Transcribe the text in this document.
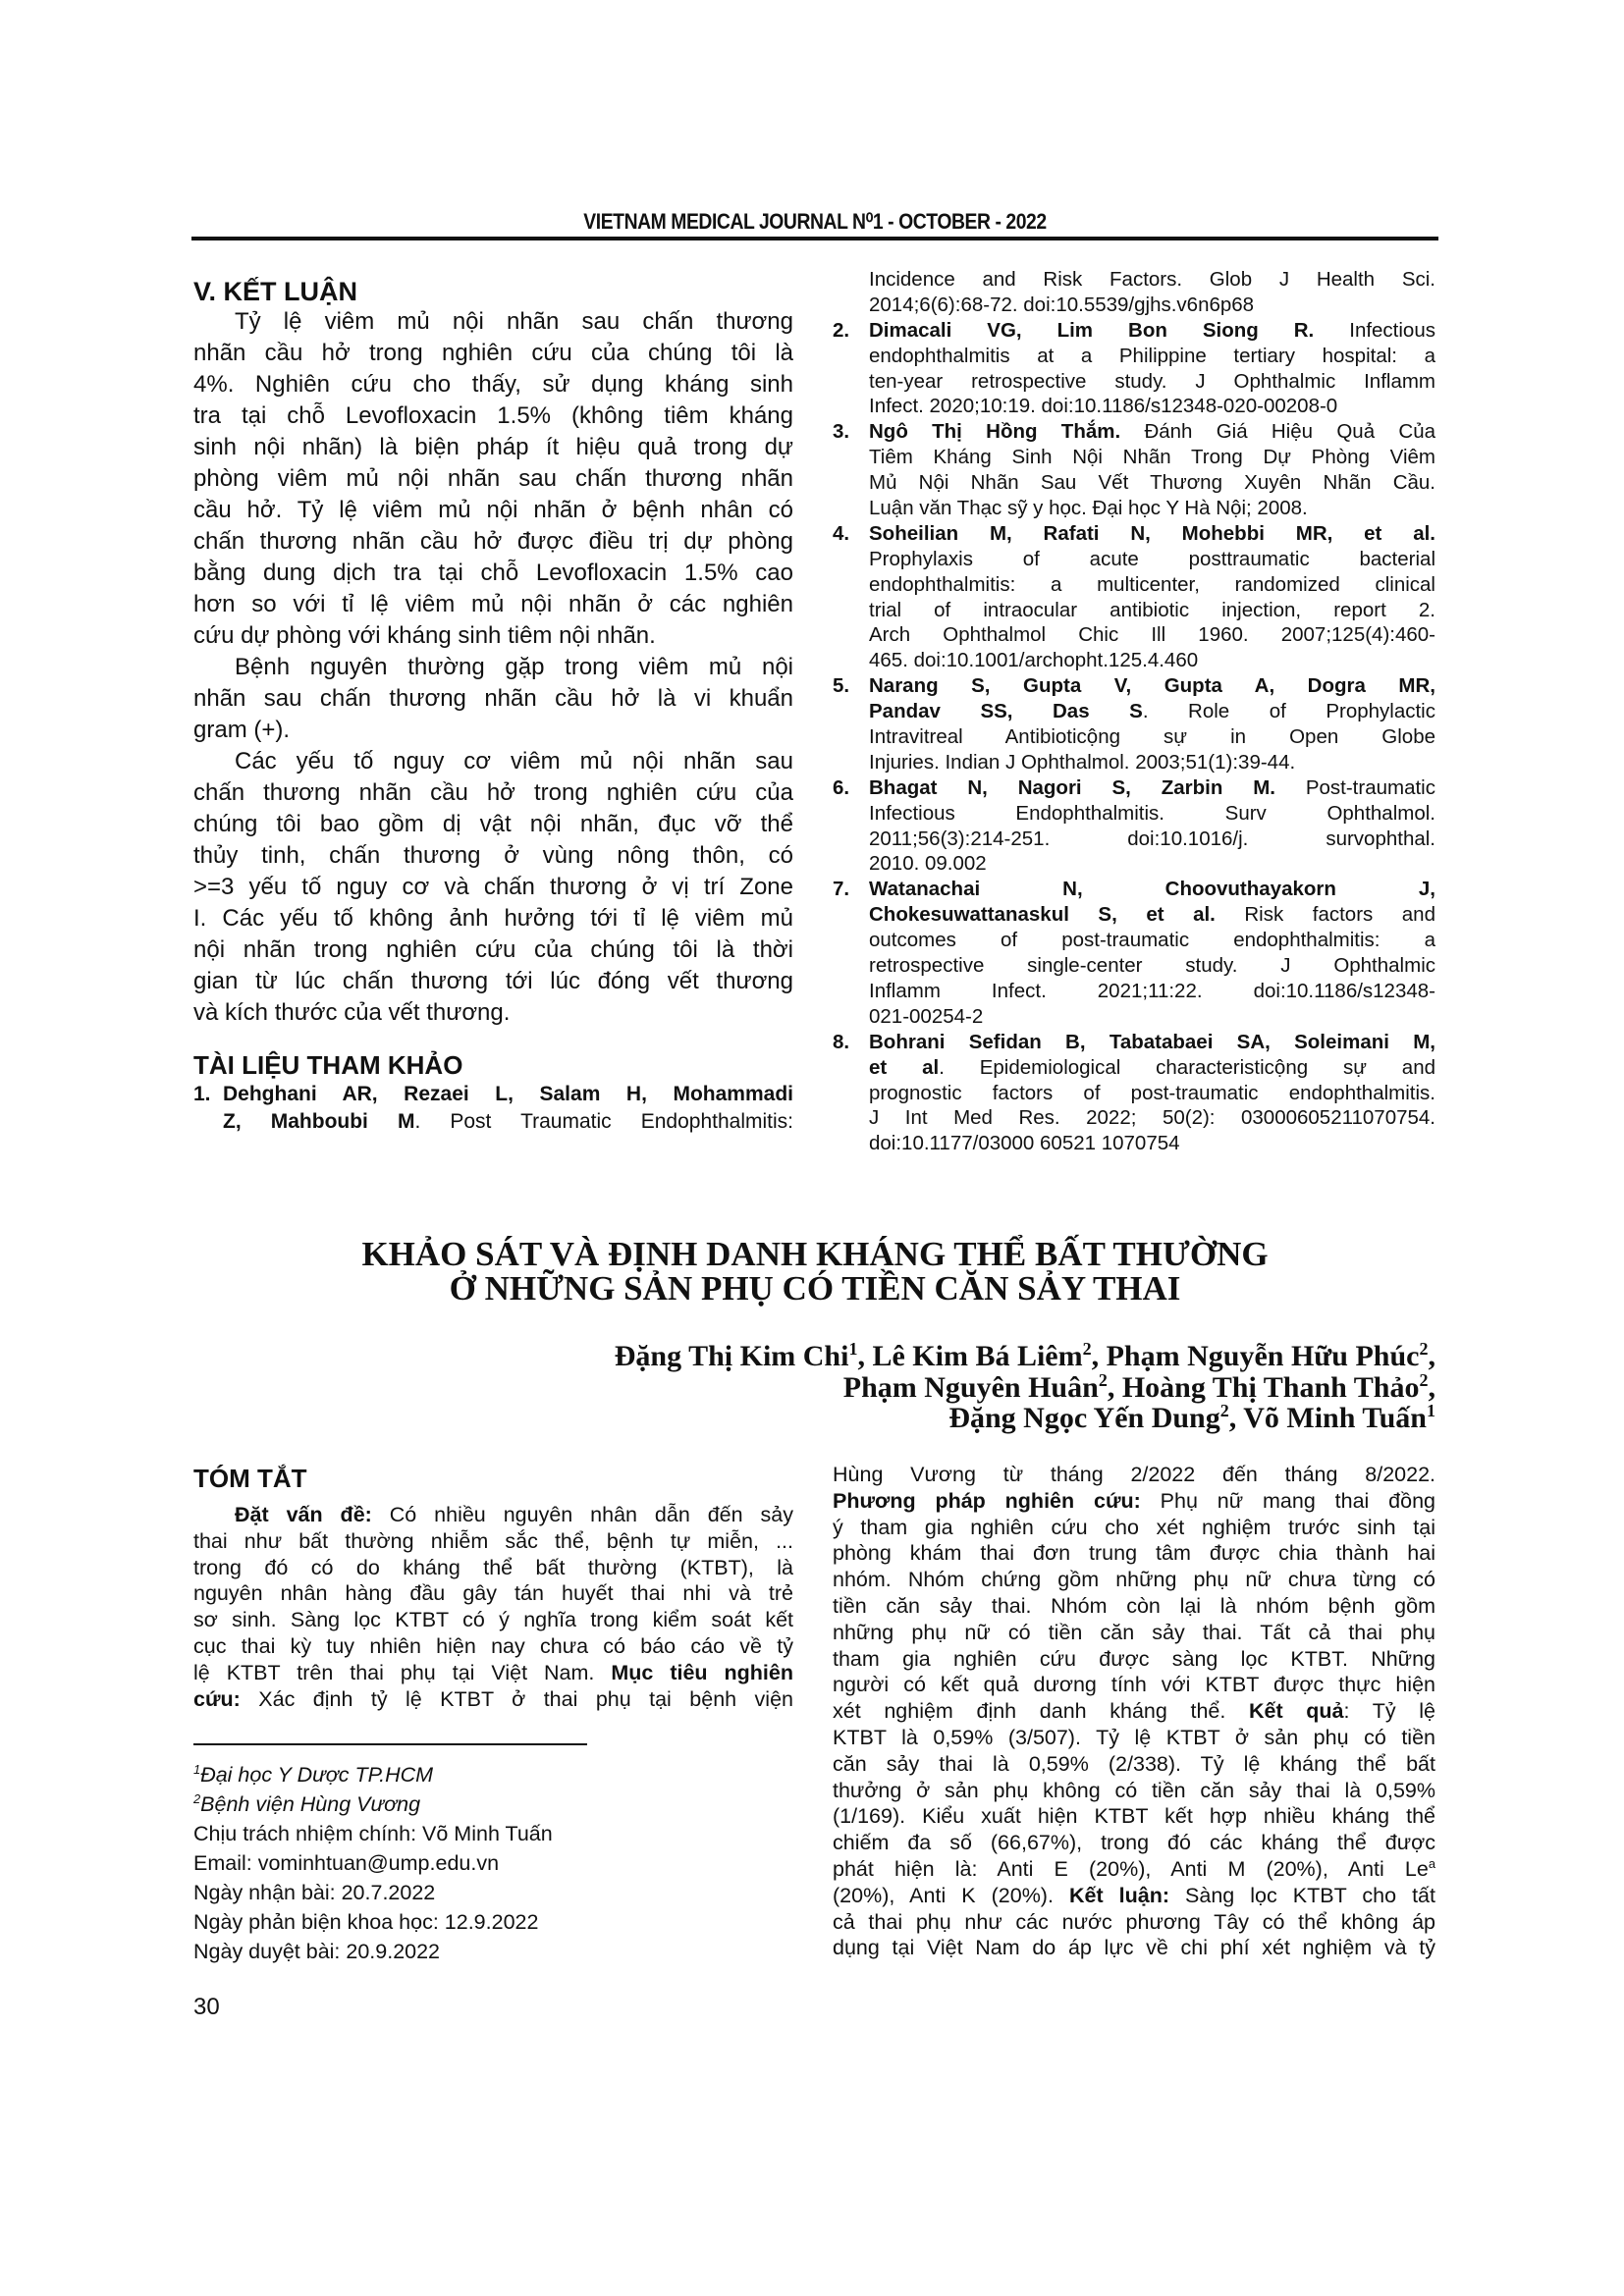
VIETNAM MEDICAL JOURNAL N⁰1 - OCTOBER - 2022
V. KẾT LUẬN
Tỷ lệ viêm mủ nội nhãn sau chấn thương
nhãn cầu hở trong nghiên cứu của chúng tôi là
4%. Nghiên cứu cho thấy, sử dụng kháng sinh
tra tại chỗ Levofloxacin 1.5% (không tiêm kháng
sinh nội nhãn) là biện pháp ít hiệu quả trong dự
phòng viêm mủ nội nhãn sau chấn thương nhãn
cầu hở. Tỷ lệ viêm mủ nội nhãn ở bệnh nhân có
chấn thương nhãn cầu hở được điều trị dự phòng
bằng dung dịch tra tại chỗ Levofloxacin 1.5% cao
hơn so với tỉ lệ viêm mủ nội nhãn ở các nghiên
cứu dự phòng với kháng sinh tiêm nội nhãn.
Bệnh nguyên thường gặp trong viêm mủ nội
nhãn sau chấn thương nhãn cầu hở là vi khuẩn
gram (+).
Các yếu tố nguy cơ viêm mủ nội nhãn sau
chấn thương nhãn cầu hở trong nghiên cứu của
chúng tôi bao gồm dị vật nội nhãn, đục vỡ thể
thủy tinh, chấn thương ở vùng nông thôn, có
>=3 yếu tố nguy cơ và chấn thương ở vị trí Zone
I. Các yếu tố không ảnh hưởng tới tỉ lệ viêm mủ
nội nhãn trong nghiên cứu của chúng tôi là thời
gian từ lúc chấn thương tới lúc đóng vết thương
và kích thước của vết thương.
TÀI LIỆU THAM KHẢO
1. Dehghani AR, Rezaei L, Salam H, Mohammadi
Z, Mahboubi M. Post Traumatic Endophthalmitis:
Incidence and Risk Factors. Glob J Health Sci.
2014;6(6):68-72. doi:10.5539/gjhs.v6n6p68
2. Dimacali VG, Lim Bon Siong R. Infectious
endophthalmitis at a Philippine tertiary hospital: a
ten-year retrospective study. J Ophthalmic Inflamm
Infect. 2020;10:19. doi:10.1186/s12348-020-00208-0
3. Ngô Thị Hồng Thắm. Đánh Giá Hiệu Quả Của
Tiêm Kháng Sinh Nội Nhãn Trong Dự Phòng Viêm
Mủ Nội Nhãn Sau Vết Thương Xuyên Nhãn Cầu.
Luận văn Thạc sỹ y học. Đại học Y Hà Nội; 2008.
4. Soheilian M, Rafati N, Mohebbi MR, et al.
Prophylaxis of acute posttraumatic bacterial
endophthalmitis: a multicenter, randomized clinical
trial of intraocular antibiotic injection, report 2.
Arch Ophthalmol Chic Ill 1960. 2007;125(4):460-
465. doi:10.1001/archopht.125.4.460
5. Narang S, Gupta V, Gupta A, Dogra MR,
Pandav SS, Das S. Role of Prophylactic
Intravitreal Antibioticộng sự in Open Globe
Injuries. Indian J Ophthalmol. 2003;51(1):39-44.
6. Bhagat N, Nagori S, Zarbin M. Post-traumatic
Infectious Endophthalmitis. Surv Ophthalmol.
2011;56(3):214-251. doi:10.1016/j. survophthal.
2010. 09.002
7. Watanachai N, Choovuthayakorn J,
Chokesuwattanaskul S, et al. Risk factors and
outcomes of post-traumatic endophthalmitis: a
retrospective single-center study. J Ophthalmic
Inflamm Infect. 2021;11:22. doi:10.1186/s12348-
021-00254-2
8. Bohrani Sefidan B, Tabatabaei SA, Soleimani M,
et al. Epidemiological characteristicộng sự and
prognostic factors of post-traumatic endophthalmitis.
J Int Med Res. 2022; 50(2): 03000605211070754.
doi:10.1177/03000 60521 1070754
KHẢO SÁT VÀ ĐỊNH DANH KHÁNG THỂ BẤT THƯỜNG
Ở NHỮNG SẢN PHỤ CÓ TIỀN CĂN SẢY THAI
Đặng Thị Kim Chi$^1$, Lê Kim Bá Liêm$^2$, Phạm Nguyễn Hữu Phúc$^2$,
Phạm Nguyên Huân$^2$, Hoàng Thị Thanh Thảo$^2$,
Đặng Ngọc Yến Dung$^2$, Võ Minh Tuấn$^1$
TÓM TẮT
Đặt vấn đề: Có nhiều nguyên nhân dẫn đến sảy
thai như bất thường nhiễm sắc thể, bệnh tự miễn, ...
trong đó có do kháng thể bất thường (KTBT), là
nguyên nhân hàng đầu gây tán huyết thai nhi và trẻ
sơ sinh. Sàng lọc KTBT có ý nghĩa trong kiểm soát kết
cục thai kỳ tuy nhiên hiện nay chưa có báo cáo về tỷ
lệ KTBT trên thai phụ tại Việt Nam. Mục tiêu nghiên
cứu: Xác định tỷ lệ KTBT ở thai phụ tại bệnh viện
Hùng Vương từ tháng 2/2022 đến tháng 8/2022.
Phương pháp nghiên cứu: Phụ nữ mang thai đồng
ý tham gia nghiên cứu cho xét nghiệm trước sinh tại
phòng khám thai đơn trung tâm được chia thành hai
nhóm. Nhóm chứng gồm những phụ nữ chưa từng có
tiền căn sảy thai. Nhóm còn lại là nhóm bệnh gồm
những phụ nữ có tiền căn sảy thai. Tất cả thai phụ
tham gia nghiên cứu được sàng lọc KTBT. Những
người có kết quả dương tính với KTBT được thực hiện
xét nghiệm định danh kháng thể. Kết quả: Tỷ lệ
KTBT là 0,59% (3/507). Tỷ lệ KTBT ở sản phụ có tiền
căn sảy thai là 0,59% (2/338). Tỷ lệ kháng thể bất
thưởng ở sản phụ không có tiền căn sảy thai là 0,59%
(1/169). Kiểu xuất hiện KTBT kết hợp nhiều kháng thể
chiếm đa số (66,67%), trong đó các kháng thể được
phát hiện là: Anti E (20%), Anti M (20%), Anti Le$^a$
(20%), Anti K (20%). Kết luận: Sàng lọc KTBT cho tất
cả thai phụ như các nước phương Tây có thể không áp
dụng tại Việt Nam do áp lực về chi phí xét nghiệm và tỷ
$^1$Đại học Y Dược TP.HCM
$^2$Bệnh viện Hùng Vương
Chịu trách nhiệm chính: Võ Minh Tuấn
Email: vominhtuan@ump.edu.vn
Ngày nhận bài: 20.7.2022
Ngày phản biện khoa học: 12.9.2022
Ngày duyệt bài: 20.9.2022
30
